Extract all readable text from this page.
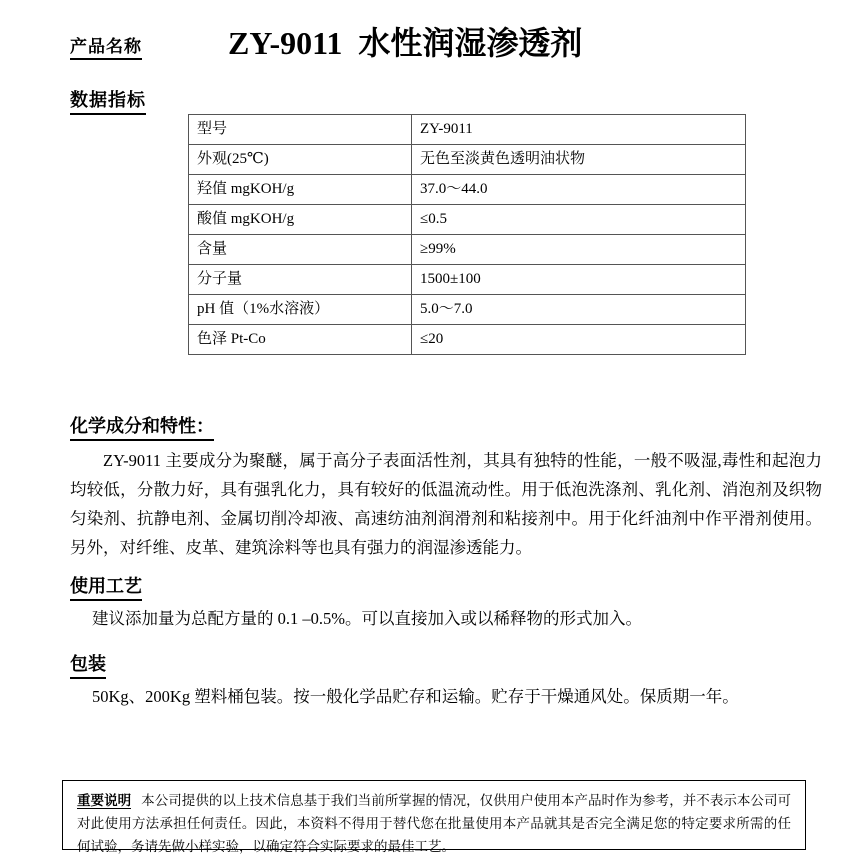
产品名称	ZY-9011 水性润湿渗透剂
数据指标
型号	ZY-9011
外观(25℃)	无色至淡黄色透明油状物
羟值 mgKOH/g	37.0～44.0
酸值 mgKOH/g	≤0.5
含量	≥99%
分子量	1500±100
pH 值（1%水溶液）	5.0～7.0
色泽 Pt-Co	≤20
化学成分和特性：
ZY-9011 主要成分为聚醚，属于高分子表面活性剂，其具有独特的性能，一般不吸湿,毒性和起泡力均较低，分散力好，具有强乳化力，具有较好的低温流动性。用于低泡洗涤剂、乳化剂、消泡剂及织物匀染剂、抗静电剂、金属切削冷却液、高速纺油剂润滑剂和粘接剂中。用于化纤油剂中作平滑剂使用。另外，对纤维、皮革、建筑涂料等也具有强力的润湿渗透能力。
使用工艺
建议添加量为总配方量的 0.1 –0.5%。可以直接加入或以稀释物的形式加入。
包装
50Kg、200Kg 塑料桶包装。按一般化学品贮存和运输。贮存于干燥通风处。保质期一年。
重要说明 本公司提供的以上技术信息基于我们当前所掌握的情况，仅供用户使用本产品时作为参考，并不表示本公司可对此使用方法承担任何责任。因此，本资料不得用于替代您在批量使用本产品就其是否完全满足您的特定要求所需的任何试验，务请先做小样实验，以确定符合实际要求的最佳工艺。
